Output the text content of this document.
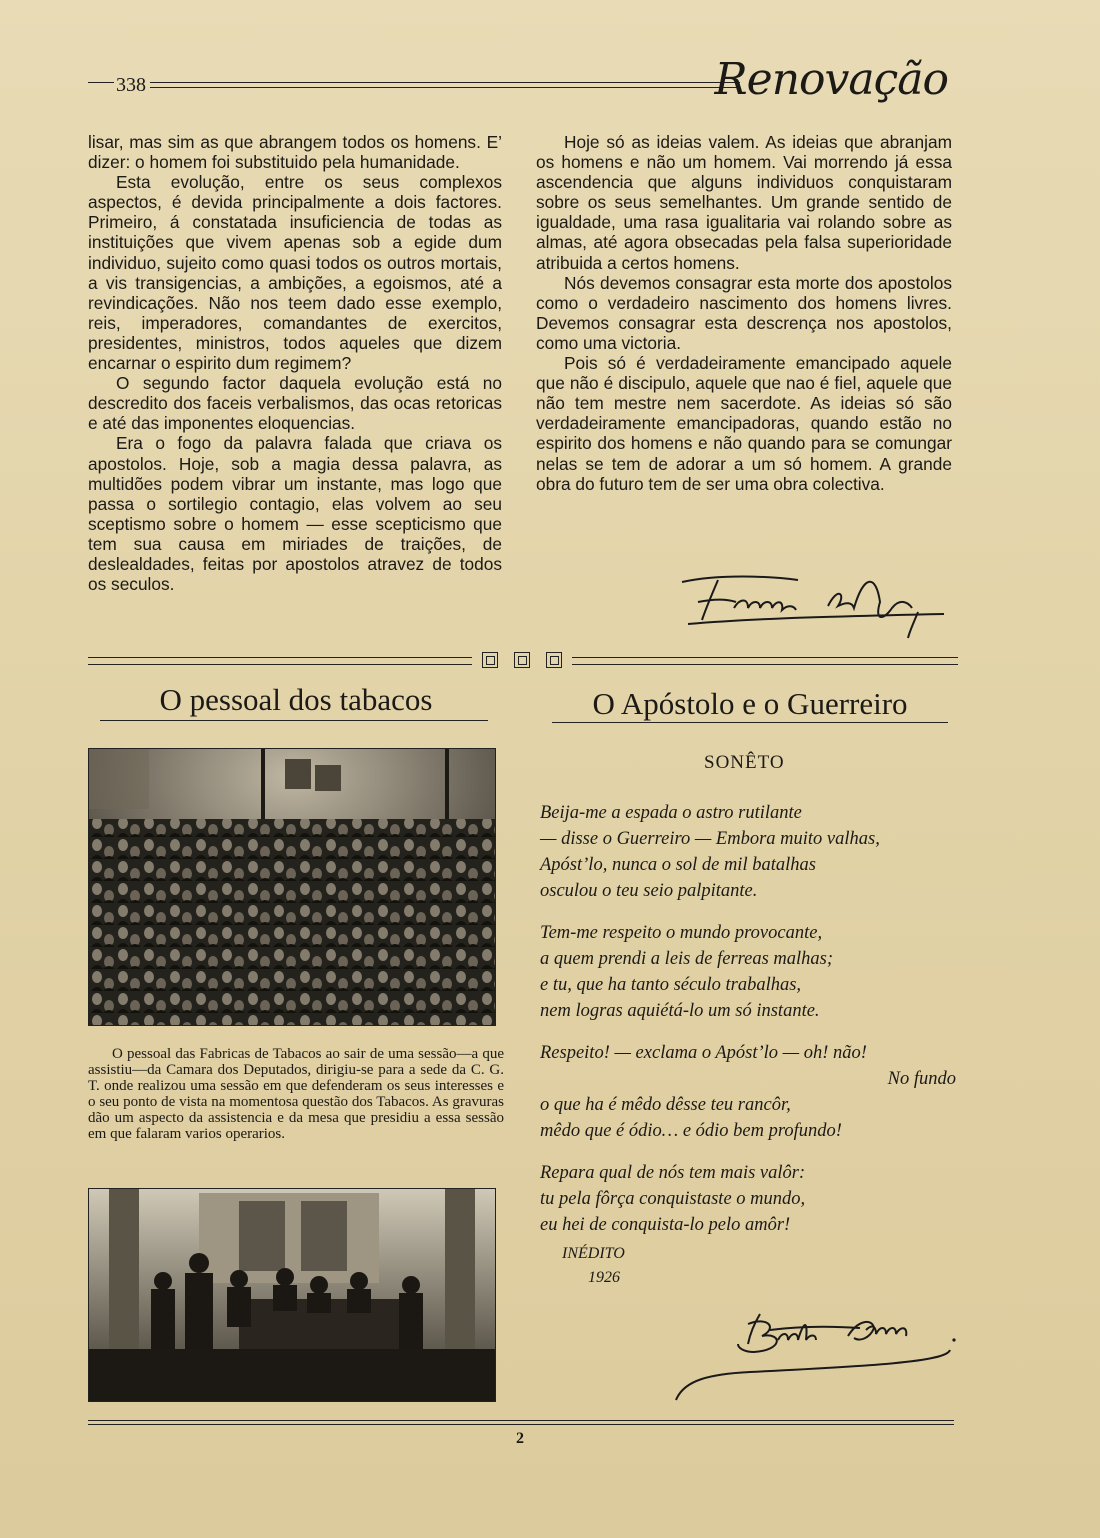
338	Renovação

lisar, mas sim as que abrangem todos os homens. E’ dizer: o homem foi substituido pela humanidade.

Esta evolução, entre os seus complexos aspectos, é devida principalmente a dois factores. Primeiro, á constatada insuficiencia de todas as instituições que vivem apenas sob a egide dum individuo, sujeito como quasi todos os outros mortais, a vis transigencias, a ambições, a egoismos, até a revindicações. Não nos teem dado esse exemplo, reis, imperadores, comandantes de exercitos, presidentes, ministros, todos aqueles que dizem encarnar o espirito dum regimem?

O segundo factor daquela evolução está no descredito dos faceis verbalismos, das ocas retoricas e até das imponentes eloquencias.

Era o fogo da palavra falada que criava os apostolos. Hoje, sob a magia dessa palavra, as multidões podem vibrar um instante, mas logo que passa o sortilegio contagio, elas volvem ao seu sceptismo sobre o homem — esse scepticismo que tem sua causa em miriades de traições, de deslealdades, feitas por apostolos atravez de todos os seculos.

Hoje só as ideias valem. As ideias que abranjam os homens e não um homem. Vai morrendo já essa ascendencia que alguns individuos conquistaram sobre os seus semelhantes. Um grande sentido de igualdade, uma rasa igualitaria vai rolando sobre as almas, até agora obsecadas pela falsa superioridade atribuida a certos homens.

Nós devemos consagrar esta morte dos apostolos como o verdadeiro nascimento dos homens livres. Devemos consagrar esta descrença nos apostolos, como uma victoria.

Pois só é verdadeiramente emancipado aquele que não é discipulo, aquele que nao é fiel, aquele que não tem mestre nem sacerdote. As ideias só são verdadeiramente emancipadoras, quando estão no espirito dos homens e não quando para se comungar nelas se tem de adorar a um só homem. A grande obra do futuro tem de ser uma obra colectiva.

O pessoal dos tabacos
O pessoal das Fabricas de Tabacos ao sair de uma sessão—a que assistiu—da Camara dos Deputados, dirigiu-se para a sede da C. G. T. onde realizou uma sessão em que defenderam os seus interesses e o seu ponto de vista na momentosa questão dos Tabacos. As gravuras dão um aspecto da assistencia e da mesa que presidiu a essa sessão em que falaram varios operarios.
O Apóstolo e o Guerreiro
SONÊTO
Beija-me a espada o astro rutilante
— disse o Guerreiro — Embora muito valhas,
Apóst’lo, nunca o sol de mil batalhas
osculou o teu seio palpitante.
Tem-me respeito o mundo provocante,
a quem prendi a leis de ferreas malhas;
e tu, que ha tanto século trabalhas,
nem logras aquiétá-lo um só instante.
Respeito! — exclama o Apóst’lo — oh! não!
No fundo
o que ha é mêdo dêsse teu rancôr,
mêdo que é ódio… e ódio bem profundo!
Repara qual de nós tem mais valôr:
tu pela fôrça conquistaste o mundo,
eu hei de conquista-lo pelo amôr!
INÉDITO
1926
2
